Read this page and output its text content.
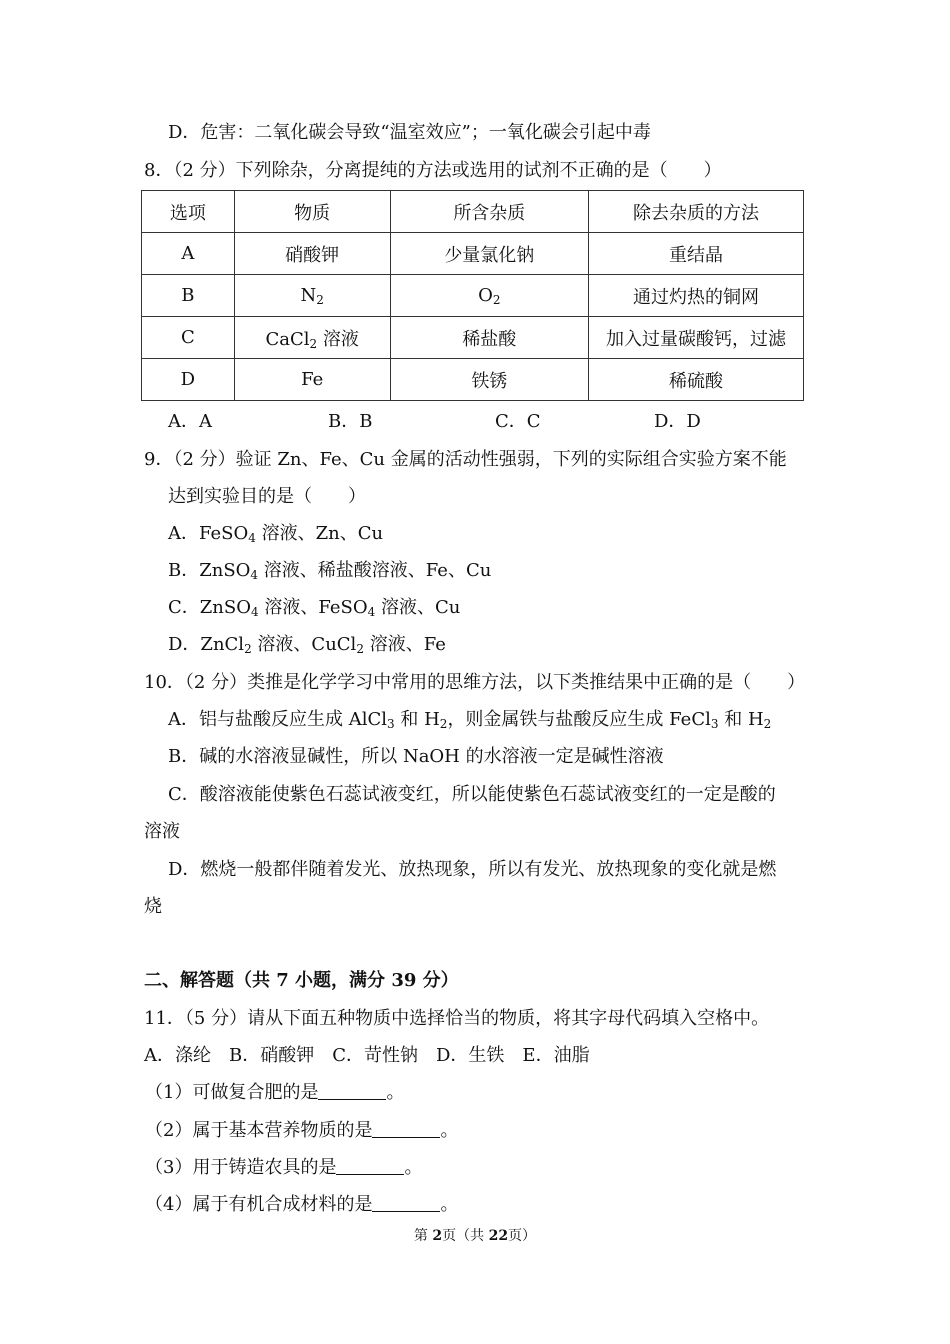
D．危害：二氧化碳会导致“温室效应”；一氧化碳会引起中毒
8．（2 分）下列除杂，分离提纯的方法或选用的试剂不正确的是（　　）
选项	物质	所含杂质	除去杂质的方法
A	硝酸钾	少量氯化钠	重结晶
B	$N_2$	$O_2$	通过灼热的铜网
C	CaCl$_2$ 溶液	稀盐酸	加入过量碳酸钙，过滤
D	Fe	铁锈	稀硫酸
A．A	B．B	C．C	D．D
9．（2 分）验证 Zn、Fe、Cu 金属的活动性强弱，下列的实际组合实验方案不能
达到实验目的是（　　）
A．FeSO$_4$ 溶液、Zn、Cu
B．ZnSO$_4$ 溶液、稀盐酸溶液、Fe、Cu
C．ZnSO$_4$ 溶液、FeSO$_4$ 溶液、Cu
D．ZnCl$_2$ 溶液、CuCl$_2$ 溶液、Fe
10．（2 分）类推是化学学习中常用的思维方法，以下类推结果中正确的是（　　）
A．铝与盐酸反应生成 AlCl$_3$ 和 $H_2$，则金属铁与盐酸反应生成 FeCl$_3$ 和 $H_2$
B．碱的水溶液显碱性，所以 NaOH 的水溶液一定是碱性溶液
C．酸溶液能使紫色石蕊试液变红，所以能使紫色石蕊试液变红的一定是酸的
溶液
D．燃烧一般都伴随着发光、放热现象，所以有发光、放热现象的变化就是燃
烧
二、解答题（共 7 小题，满分 39 分）
11．（5 分）请从下面五种物质中选择恰当的物质，将其字母代码填入空格中。
A．涤纶　B．硝酸钾　C．苛性钠　D．生铁　E．油脂
（1）可做复合肥的是	。
（2）属于基本营养物质的是	。
（3）用于铸造农具的是	。
（4）属于有机合成材料的是	。
第 2页（共 22页）
